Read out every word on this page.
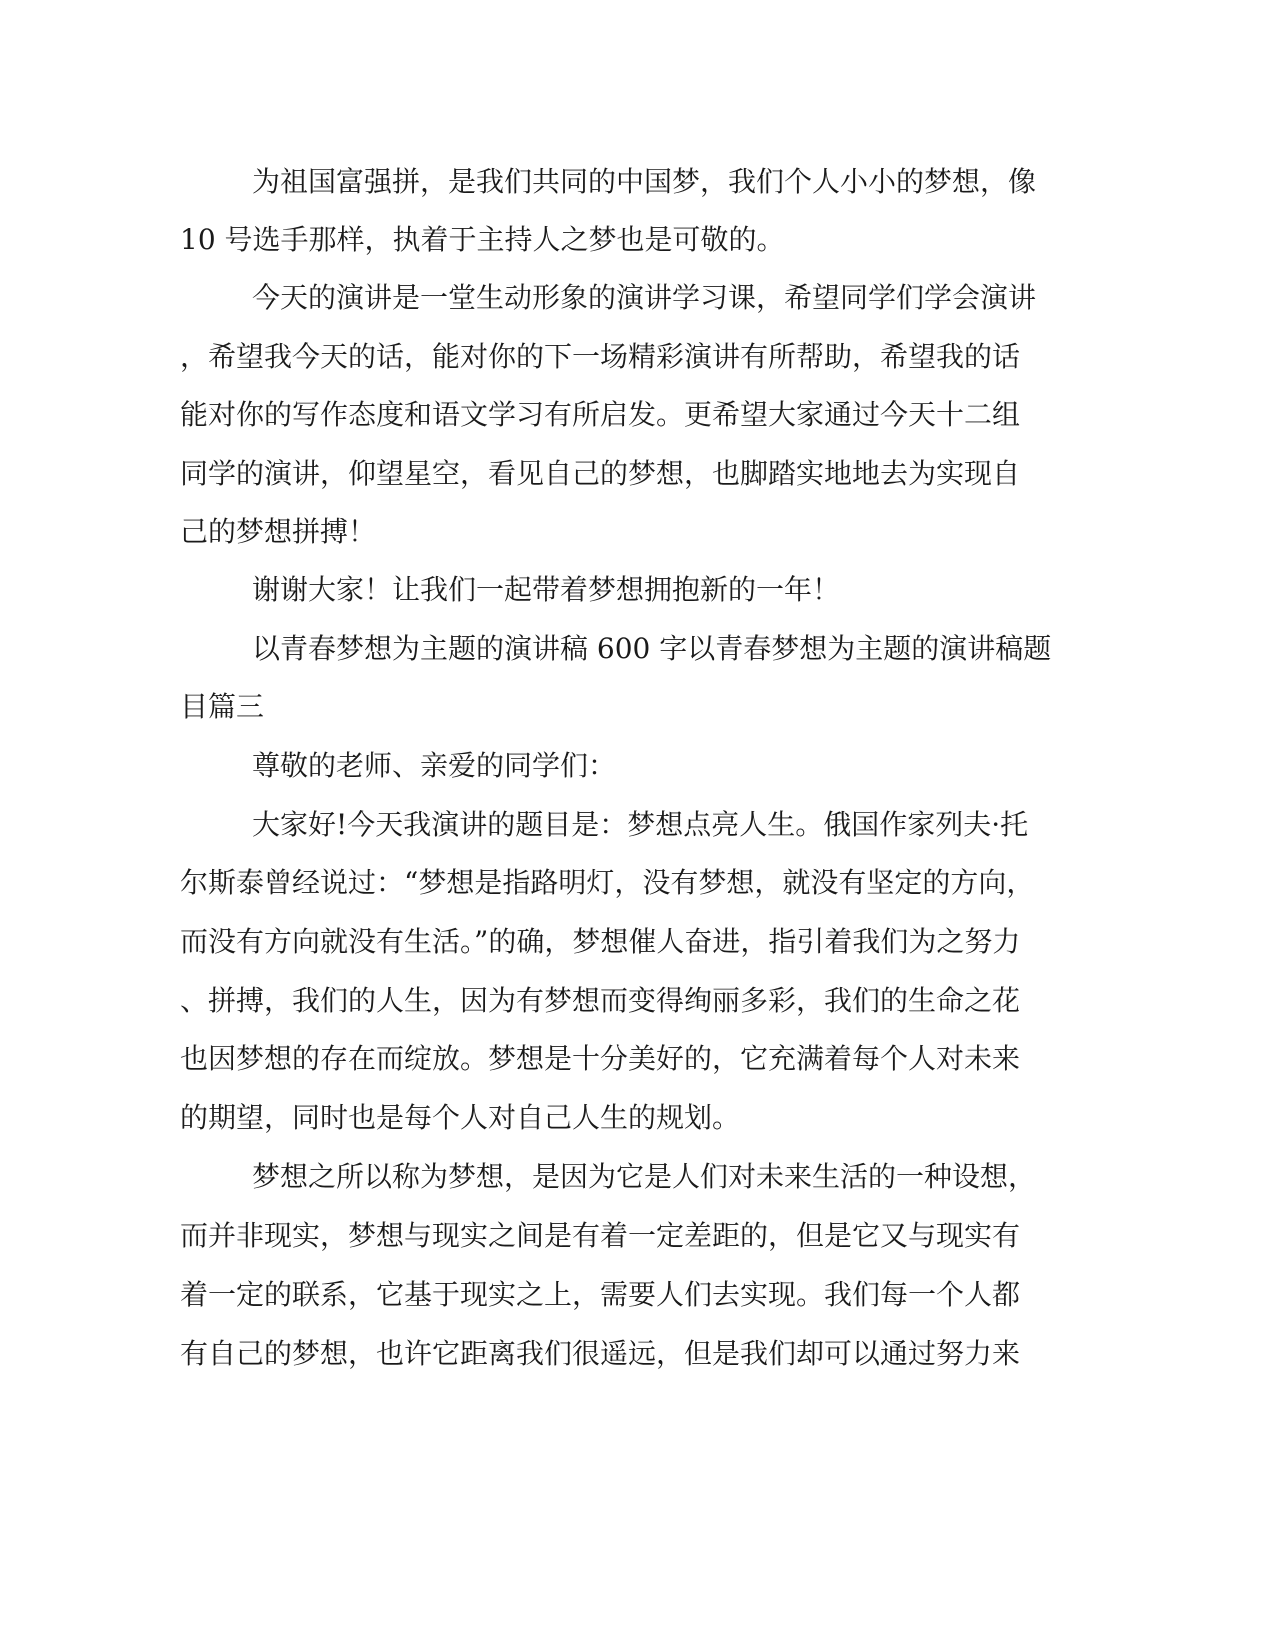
为祖国富强拼，是我们共同的中国梦，我们个人小小的梦想，像
10 号选手那样，执着于主持人之梦也是可敬的。
今天的演讲是一堂生动形象的演讲学习课，希望同学们学会演讲
，希望我今天的话，能对你的下一场精彩演讲有所帮助，希望我的话
能对你的写作态度和语文学习有所启发。更希望大家通过今天十二组
同学的演讲，仰望星空，看见自己的梦想，也脚踏实地地去为实现自
己的梦想拼搏！
谢谢大家！让我们一起带着梦想拥抱新的一年！
以青春梦想为主题的演讲稿 600 字以青春梦想为主题的演讲稿题
目篇三
尊敬的老师、亲爱的同学们：
大家好!今天我演讲的题目是：梦想点亮人生。俄国作家列夫·托
尔斯泰曾经说过：“梦想是指路明灯，没有梦想，就没有坚定的方向，
而没有方向就没有生活。”的确，梦想催人奋进，指引着我们为之努力
、拼搏，我们的人生，因为有梦想而变得绚丽多彩，我们的生命之花
也因梦想的存在而绽放。梦想是十分美好的，它充满着每个人对未来
的期望，同时也是每个人对自己人生的规划。
梦想之所以称为梦想，是因为它是人们对未来生活的一种设想，
而并非现实，梦想与现实之间是有着一定差距的，但是它又与现实有
着一定的联系，它基于现实之上，需要人们去实现。我们每一个人都
有自己的梦想，也许它距离我们很遥远，但是我们却可以通过努力来
